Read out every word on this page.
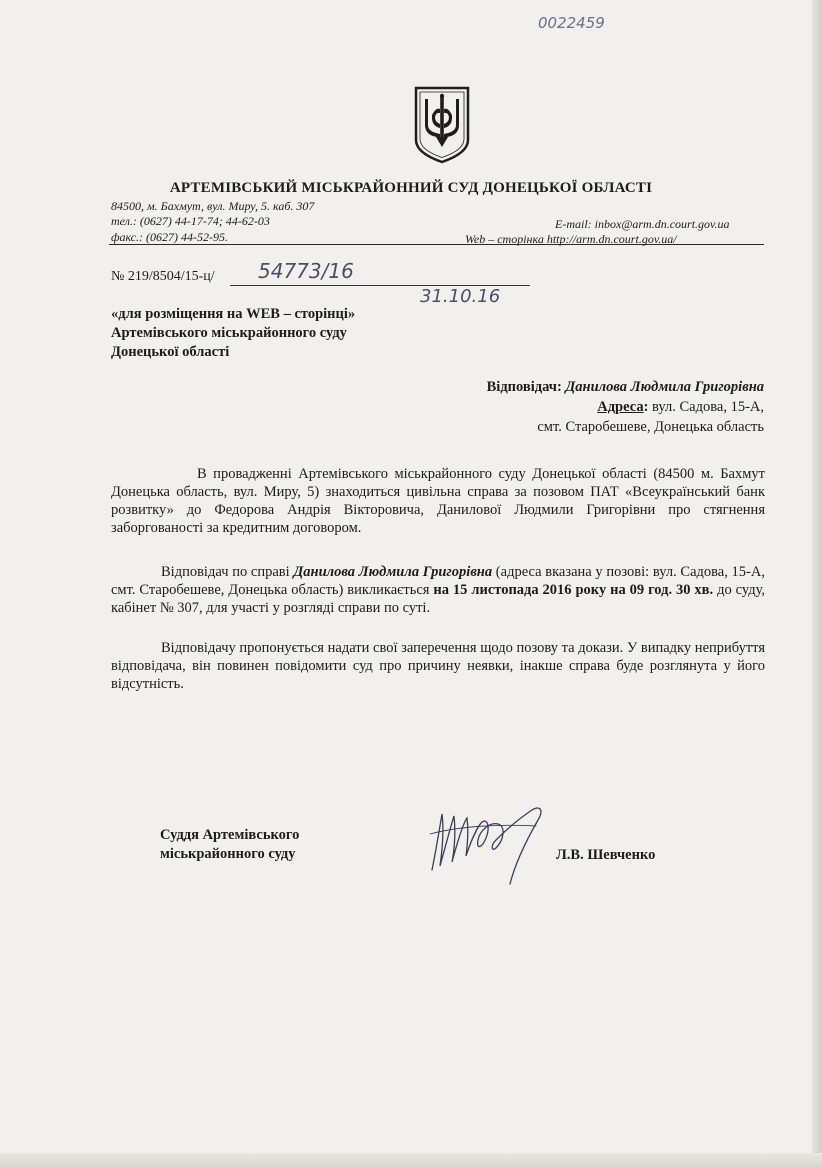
0022459
АРТЕМІВСЬКИЙ МІСЬКРАЙОННИЙ СУД ДОНЕЦЬКОЇ ОБЛАСТІ
84500, м. Бахмут, вул. Миру, 5. каб. 307
тел.: (0627) 44-17-74; 44-62-03
факс.: (0627) 44-52-95.
E-mail: inbox@arm.dn.court.gov.ua
Web – сторінка http://arm.dn.court.gov.ua/
№ 219/8504/15-ц/ 54773/16
31.10.16
«для розміщення на WEB – сторінці»
Артемівського міськрайонного суду
Донецької області
Відповідач: Данилова Людмила Григорівна
Адреса: вул. Садова, 15-А,
смт. Старобешеве, Донецька область
В провадженні Артемівського міськрайонного суду Донецької області (84500 м. Бахмут Донецька область, вул. Миру, 5) знаходиться цивільна справа за позовом ПАТ «Всеукраїнський банк розвитку» до Федорова Андрія Вікторовича, Данилової Людмили Григорівни про стягнення заборгованості за кредитним договором.
Відповідач по справі Данилова Людмила Григорівна (адреса вказана у позові: вул. Садова, 15-А, смт. Старобешеве, Донецька область) викликається на 15 листопада 2016 року на 09 год. 30 хв. до суду, кабінет № 307, для участі у розгляді справи по суті.
Відповідачу пропонується надати свої заперечення щодо позову та докази. У випадку неприбуття відповідача, він повинен повідомити суд про причину неявки, інакше справа буде розглянута у його відсутність.
Суддя Артемівського
міськрайонного суду	Л.В. Шевченко
